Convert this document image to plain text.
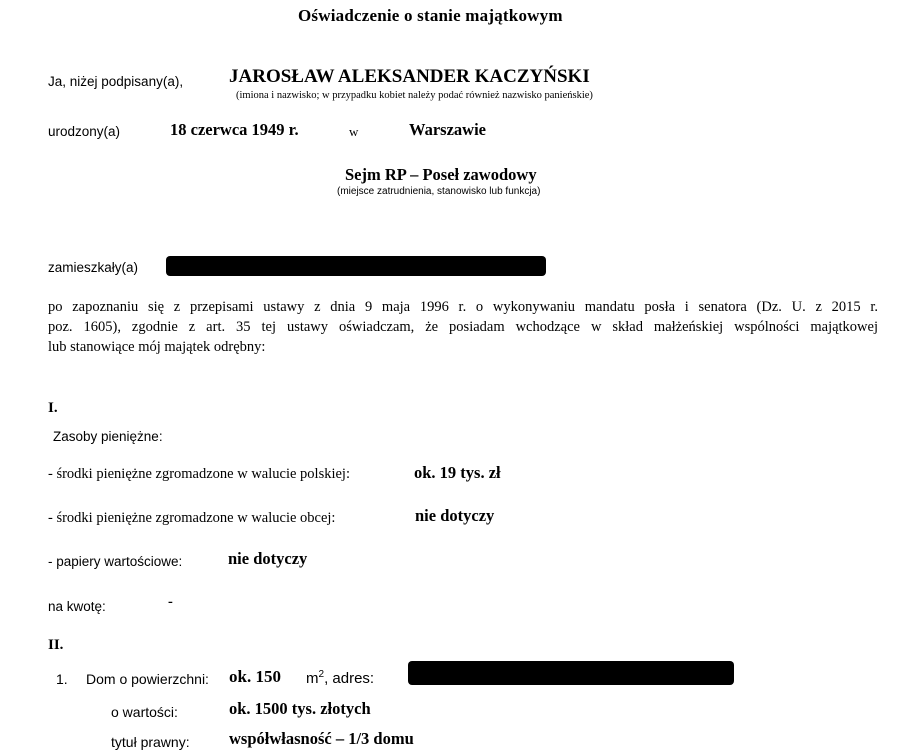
Oświadczenie o stanie majątkowym
Ja, niżej podpisany(a), JAROSŁAW ALEKSANDER KACZYŃSKI
(imiona i nazwisko; w przypadku kobiet należy podać również nazwisko panieńskie)
urodzony(a)	18 czerwca 1949 r.	w	Warszawie
Sejm RP – Poseł zawodowy
(miejsce zatrudnienia, stanowisko lub funkcja)
zamieszkały(a)
po zapoznaniu się z przepisami ustawy z dnia 9 maja 1996 r. o wykonywaniu mandatu posła i senatora (Dz. U. z 2015 r.
poz. 1605), zgodnie z art. 35 tej ustawy oświadczam, że posiadam wchodzące w skład małżeńskiej wspólności majątkowej
lub stanowiące mój majątek odrębny:
I.
Zasoby pieniężne:
- środki pieniężne zgromadzone w walucie polskiej:	ok. 19 tys. zł
- środki pieniężne zgromadzone w walucie obcej:	nie dotyczy
- papiery wartościowe:	nie dotyczy
na kwotę:	-
II.
1. Dom o powierzchni: ok. 150 $m^2$, adres:
o wartości:	ok. 1500 tys. złotych
tytuł prawny: współwłasność – 1/3 domu
